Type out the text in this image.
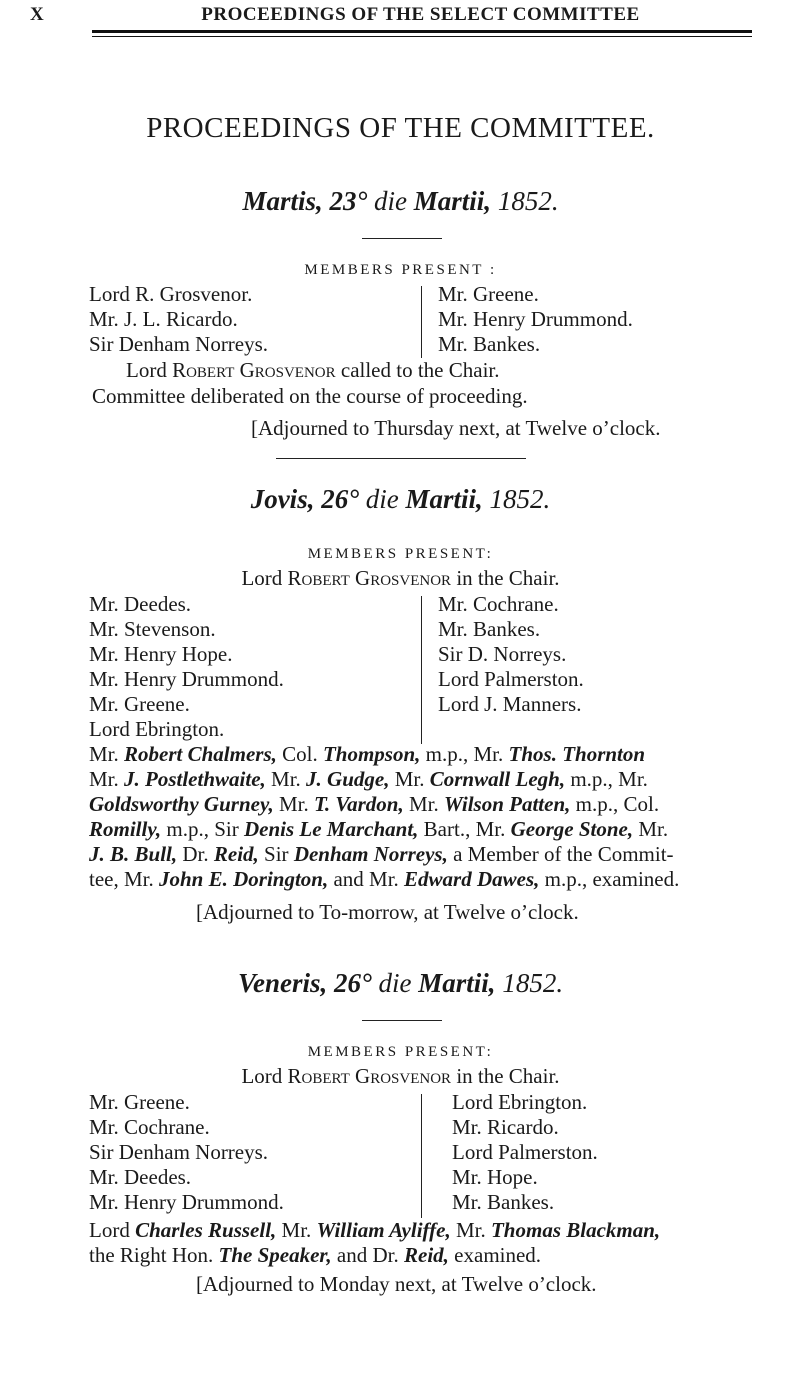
X	PROCEEDINGS OF THE SELECT COMMITTEE
PROCEEDINGS OF THE COMMITTEE.
Martis, 23° die Martii, 1852.
MEMBERS PRESENT :
Lord R. Grosvenor.
Mr. J. L. Ricardo.
Sir Denham Norreys.
Mr. Greene.
Mr. Henry Drummond.
Mr. Bankes.
Lord Robert Grosvenor called to the Chair.
Committee deliberated on the course of proceeding.
[Adjourned to Thursday next, at Twelve o’clock.
Jovis, 26° die Martii, 1852.
MEMBERS PRESENT:
Lord Robert Grosvenor in the Chair.
Mr. Deedes.
Mr. Stevenson.
Mr. Henry Hope.
Mr. Henry Drummond.
Mr. Greene.
Lord Ebrington.
Mr. Cochrane.
Mr. Bankes.
Sir D. Norreys.
Lord Palmerston.
Lord J. Manners.
Mr. Robert Chalmers, Col. Thompson, m.p., Mr. Thos. Thornton
Mr. J. Postlethwaite, Mr. J. Gudge, Mr. Cornwall Legh, m.p., Mr.
Goldsworthy Gurney, Mr. T. Vardon, Mr. Wilson Patten, m.p., Col.
Romilly, m.p., Sir Denis Le Marchant, Bart., Mr. George Stone, Mr.
J. B. Bull, Dr. Reid, Sir Denham Norreys, a Member of the Commit-
tee, Mr. John E. Dorington, and Mr. Edward Dawes, m.p., examined.
[Adjourned to To-morrow, at Twelve o’clock.
Veneris, 26° die Martii, 1852.
MEMBERS PRESENT:
Lord Robert Grosvenor in the Chair.
Mr. Greene.
Mr. Cochrane.
Sir Denham Norreys.
Mr. Deedes.
Mr. Henry Drummond.
Lord Ebrington.
Mr. Ricardo.
Lord Palmerston.
Mr. Hope.
Mr. Bankes.
Lord Charles Russell, Mr. William Ayliffe, Mr. Thomas Blackman,
the Right Hon. The Speaker, and Dr. Reid, examined.
[Adjourned to Monday next, at Twelve o’clock.
